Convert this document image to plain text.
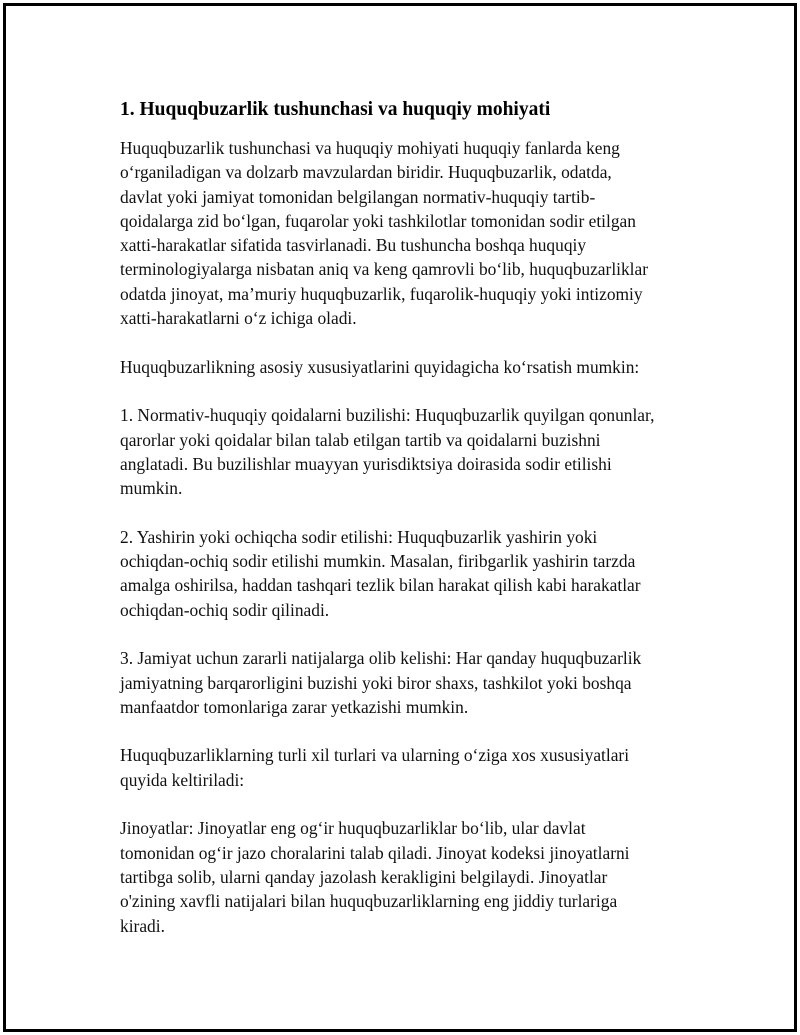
1. Huquqbuzarlik tushunchasi va huquqiy mohiyati

Huquqbuzarlik tushunchasi va huquqiy mohiyati huquqiy fanlarda keng
o‘rganiladigan va dolzarb mavzulardan biridir. Huquqbuzarlik, odatda,
davlat yoki jamiyat tomonidan belgilangan normativ-huquqiy tartib-
qoidalarga zid bo‘lgan, fuqarolar yoki tashkilotlar tomonidan sodir etilgan
xatti-harakatlar sifatida tasvirlanadi. Bu tushuncha boshqa huquqiy
terminologiyalarga nisbatan aniq va keng qamrovli bo‘lib, huquqbuzarliklar
odatda jinoyat, ma’muriy huquqbuzarlik, fuqarolik-huquqiy yoki intizomiy
xatti-harakatlarni o‘z ichiga oladi.

Huquqbuzarlikning asosiy xususiyatlarini quyidagicha ko‘rsatish mumkin:

1. Normativ-huquqiy qoidalarni buzilishi: Huquqbuzarlik quyilgan qonunlar,
qarorlar yoki qoidalar bilan talab etilgan tartib va qoidalarni buzishni
anglatadi. Bu buzilishlar muayyan yurisdiktsiya doirasida sodir etilishi
mumkin.

2. Yashirin yoki ochiqcha sodir etilishi: Huquqbuzarlik yashirin yoki
ochiqdan-ochiq sodir etilishi mumkin. Masalan, firibgarlik yashirin tarzda
amalga oshirilsa, haddan tashqari tezlik bilan harakat qilish kabi harakatlar
ochiqdan-ochiq sodir qilinadi.

3. Jamiyat uchun zararli natijalarga olib kelishi: Har qanday huquqbuzarlik
jamiyatning barqarorligini buzishi yoki biror shaxs, tashkilot yoki boshqa
manfaatdor tomonlariga zarar yetkazishi mumkin.

Huquqbuzarliklarning turli xil turlari va ularning o‘ziga xos xususiyatlari
quyida keltiriladi:

Jinoyatlar: Jinoyatlar eng og‘ir huquqbuzarliklar bo‘lib, ular davlat
tomonidan og‘ir jazo choralarini talab qiladi. Jinoyat kodeksi jinoyatlarni
tartibga solib, ularni qanday jazolash kerakligini belgilaydi. Jinoyatlar
o'zining xavfli natijalari bilan huquqbuzarliklarning eng jiddiy turlariga
kiradi.
